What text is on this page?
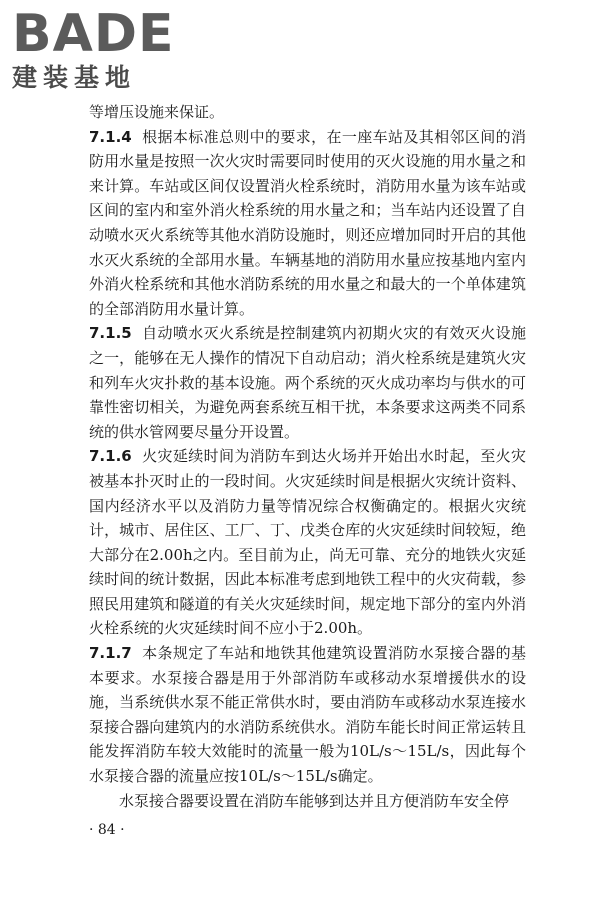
BADE
建装基地

等增压设施来保证。

7.1.4 根据本标准总则中的要求，在一座车站及其相邻区间的消防用水量是按照一次火灾时需要同时使用的灭火设施的用水量之和来计算。车站或区间仅设置消火栓系统时，消防用水量为该车站或区间的室内和室外消火栓系统的用水量之和；当车站内还设置了自动喷水灭火系统等其他水消防设施时，则还应增加同时开启的其他水灭火系统的全部用水量。车辆基地的消防用水量应按基地内室内外消火栓系统和其他水消防系统的用水量之和最大的一个单体建筑的全部消防用水量计算。

7.1.5 自动喷水灭火系统是控制建筑内初期火灾的有效灭火设施之一，能够在无人操作的情况下自动启动；消火栓系统是建筑火灾和列车火灾扑救的基本设施。两个系统的灭火成功率均与供水的可靠性密切相关，为避免两套系统互相干扰，本条要求这两类不同系统的供水管网要尽量分开设置。

7.1.6 火灾延续时间为消防车到达火场并开始出水时起，至火灾被基本扑灭时止的一段时间。火灾延续时间是根据火灾统计资料、国内经济水平以及消防力量等情况综合权衡确定的。根据火灾统计，城市、居住区、工厂、丁、戊类仓库的火灾延续时间较短，绝大部分在2.00h之内。至目前为止，尚无可靠、充分的地铁火灾延续时间的统计数据，因此本标准考虑到地铁工程中的火灾荷载，参照民用建筑和隧道的有关火灾延续时间，规定地下部分的室内外消火栓系统的火灾延续时间不应小于2.00h。

7.1.7 本条规定了车站和地铁其他建筑设置消防水泵接合器的基本要求。水泵接合器是用于外部消防车或移动水泵增援供水的设施，当系统供水泵不能正常供水时，要由消防车或移动水泵连接水泵接合器向建筑内的水消防系统供水。消防车能长时间正常运转且能发挥消防车较大效能时的流量一般为10L/s～15L/s，因此每个水泵接合器的流量应按10L/s～15L/s确定。

水泵接合器要设置在消防车能够到达并且方便消防车安全停

· 84 ·
